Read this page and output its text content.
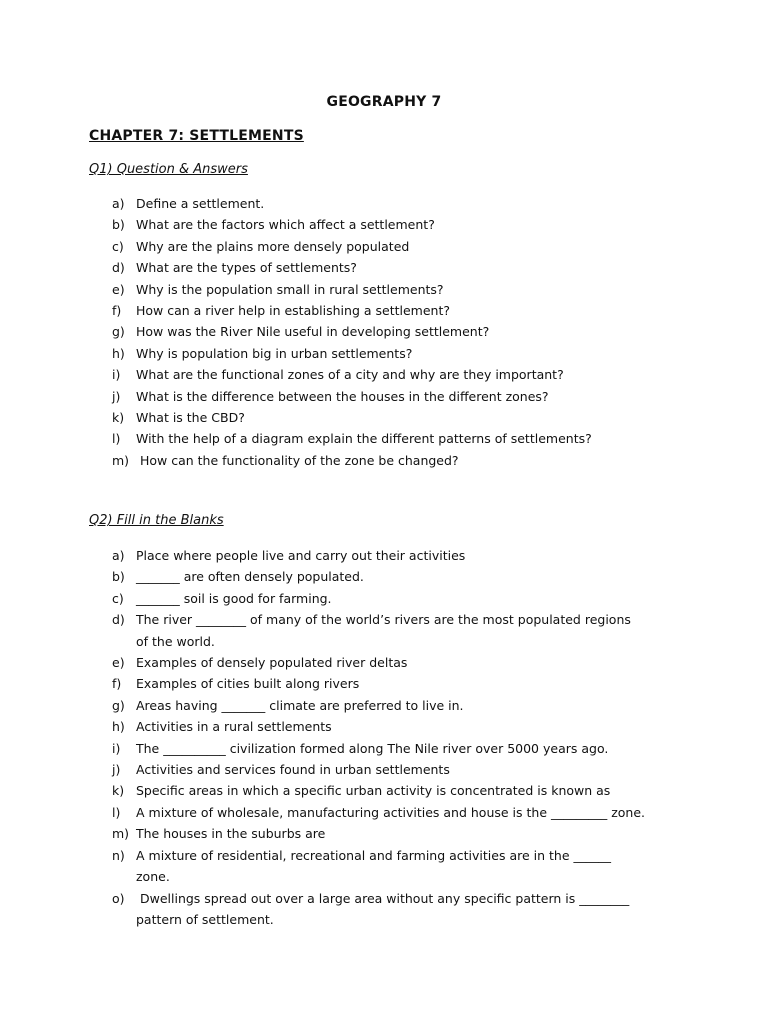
GEOGRAPHY 7
CHAPTER 7: SETTLEMENTS
Q1) Question & Answers
a) Define a settlement.
b) What are the factors which affect a settlement?
c) Why are the plains more densely populated
d) What are the types of settlements?
e) Why is the population small in rural settlements?
f) How can a river help in establishing a settlement?
g) How was the River Nile useful in developing settlement?
h) Why is population big in urban settlements?
i) What are the functional zones of a city and why are they important?
j) What is the difference between the houses in the different zones?
k) What is the CBD?
l) With the help of a diagram explain the different patterns of settlements?
m) How can the functionality of the zone be changed?
Q2) Fill in the Blanks
a) Place where people live and carry out their activities
b) _______ are often densely populated.
c) _______ soil is good for farming.
d) The river ________ of many of the world’s rivers are the most populated regions
of the world.
e) Examples of densely populated river deltas
f) Examples of cities built along rivers
g) Areas having _______ climate are preferred to live in.
h) Activities in a rural settlements
i) The __________ civilization formed along The Nile river over 5000 years ago.
j) Activities and services found in urban settlements
k) Specific areas in which a specific urban activity is concentrated is known as
l) A mixture of wholesale, manufacturing activities and house is the _________ zone.
m) The houses in the suburbs are
n) A mixture of residential, recreational and farming activities are in the ______
zone.
o)	Dwellings spread out over a large area without any specific pattern is ________
pattern of settlement.
